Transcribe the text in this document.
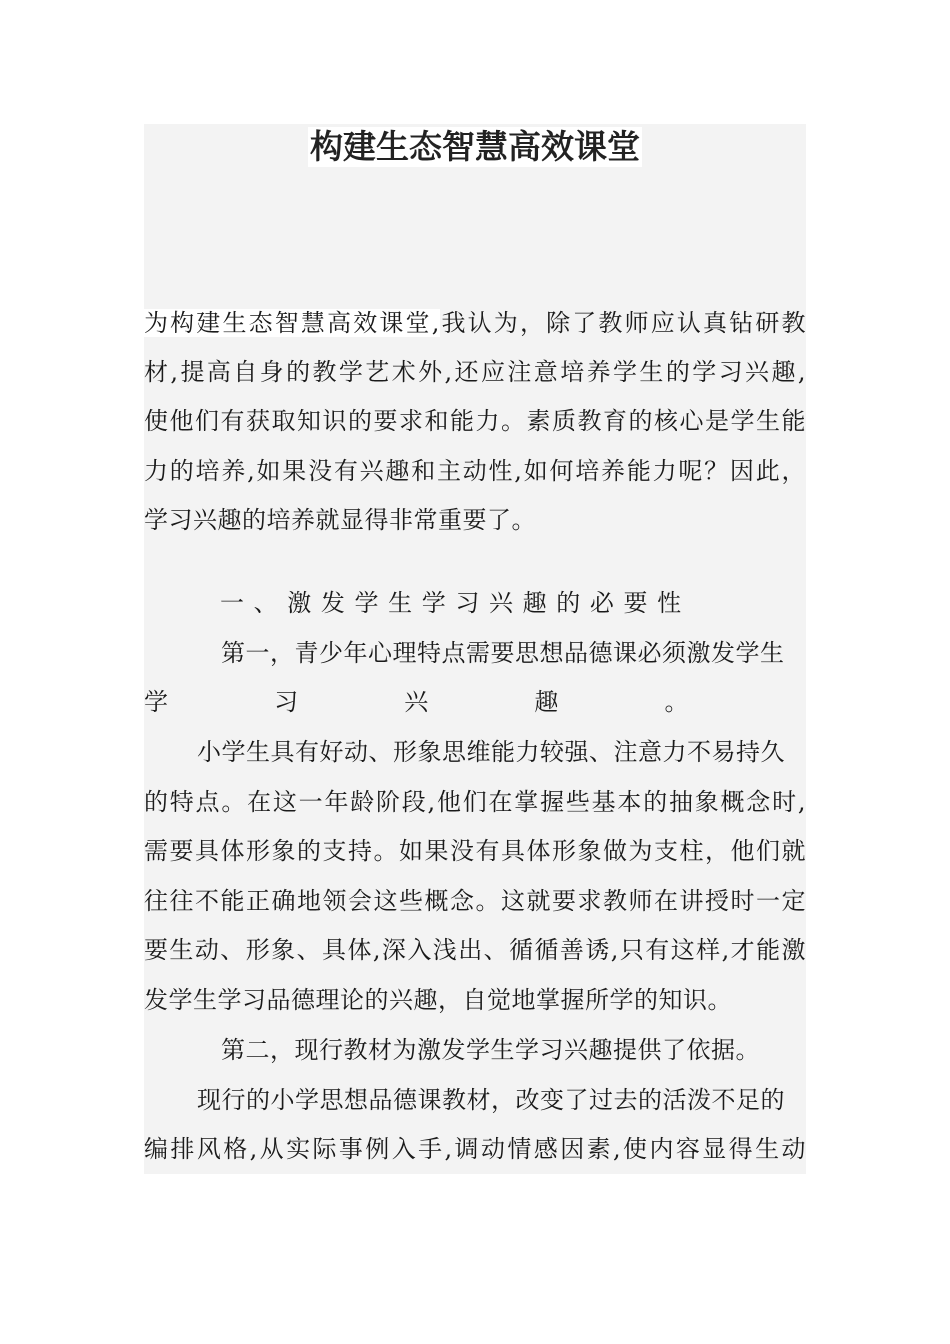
构建生态智慧高效课堂
为构建生态智慧高效课堂,我认为，除了教师应认真钻研教
材,提高自身的教学艺术外,还应注意培养学生的学习兴趣,
使他们有获取知识的要求和能力。素质教育的核心是学生能
力的培养,如果没有兴趣和主动性,如何培养能力呢？因此，
学习兴趣的培养就显得非常重要了。
一 、 激 发 学 生 学 习 兴 趣 的 必 要 性
第一，青少年心理特点需要思想品德课必须激发学生
学 习 兴 趣 。
小学生具有好动、形象思维能力较强、注意力不易持久
的特点。在这一年龄阶段,他们在掌握些基本的抽象概念时,
需要具体形象的支持。如果没有具体形象做为支柱，他们就
往往不能正确地领会这些概念。这就要求教师在讲授时一定
要生动、形象、具体,深入浅出、循循善诱,只有这样,才能激
发学生学习品德理论的兴趣，自觉地掌握所学的知识。
第二，现行教材为激发学生学习兴趣提供了依据。
现行的小学思想品德课教材，改变了过去的活泼不足的
编排风格,从实际事例入手,调动情感因素,使内容显得生动
